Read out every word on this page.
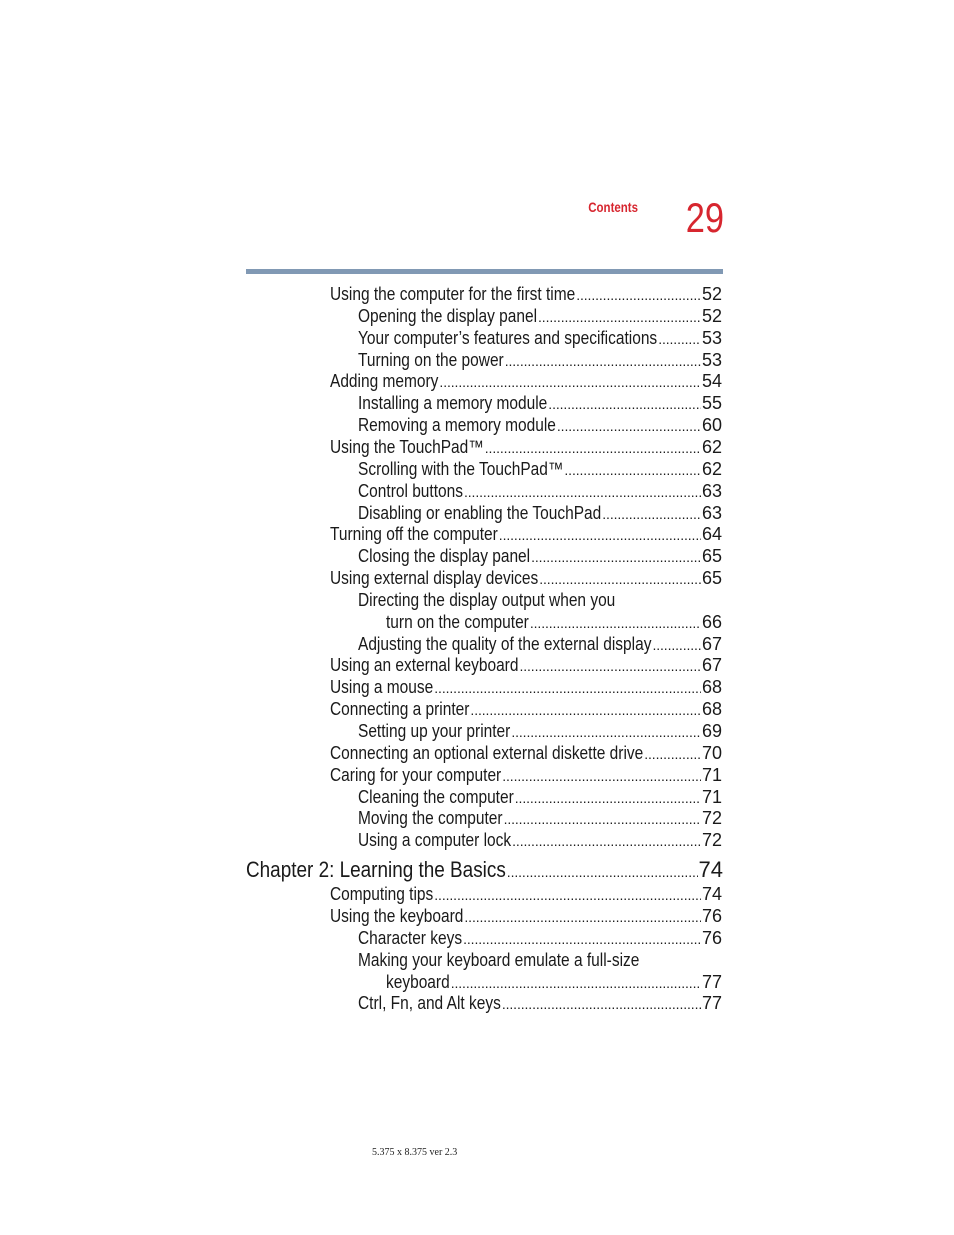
Contents	29
Using the computer for the first time . . .	52
Opening the display panel . . .	52
Your computer’s features and specifications . . . 53
Turning on the power . . .	53
Adding memory . . .	54
Installing a memory module . . .	55
Removing a memory module . . .	60
Using the TouchPad™ . . .	62
Scrolling with the TouchPad™ . . .	62
Control buttons . . .	63
Disabling or enabling the TouchPad . . .	63
Turning off the computer . . .	64
Closing the display panel . . .	65
Using external display devices . . .	65
Directing the display output when you
turn on the computer . . .	66
Adjusting the quality of the external display . . .	67
Using an external keyboard . . .	67
Using a mouse . . .	68
Connecting a printer . . .	68
Setting up your printer . . .	69
Connecting an optional external diskette drive . . .	70
Caring for your computer . . .	71
Cleaning the computer . . .	71
Moving the computer . . .	72
Using a computer lock . . .	72
Chapter 2: Learning the Basics . . .	74
Computing tips . . .	74
Using the keyboard . . .	76
Character keys . . .	76
Making your keyboard emulate a full-size
keyboard . . .	77
Ctrl, Fn, and Alt keys . . .	77
5.375 x 8.375 ver 2.3
